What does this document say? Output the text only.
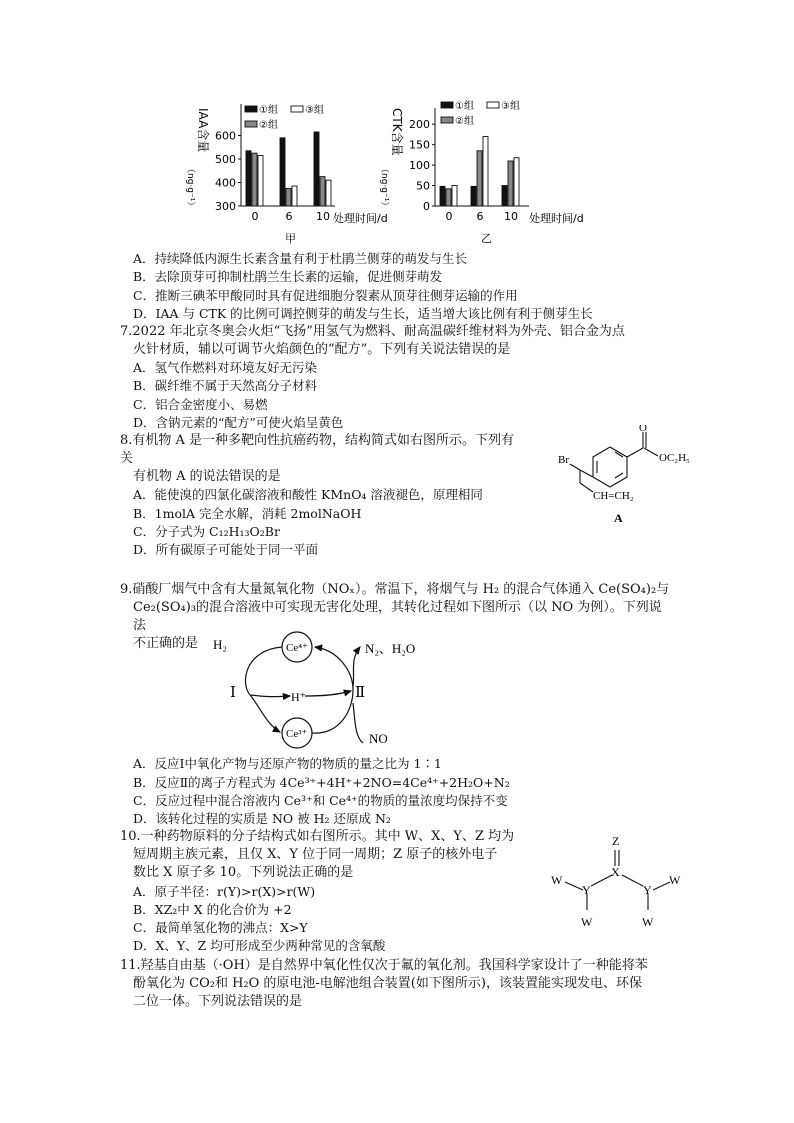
300
400
500
600
0 6 10
①组
②组
③组
IAA含量
（ng·g⁻¹）
处理时间/d
甲
0
50
100
150
200
0 6 10
①组
②组
③组
CTK含量
（ng·g⁻¹）
处理时间/d
乙
A．持续降低内源生长素含量有利于杜鹃兰侧芽的萌发与生长
B．去除顶芽可抑制杜鹃兰生长素的运输，促进侧芽萌发
C．推断三碘苯甲酸同时具有促进细胞分裂素从顶芽往侧芽运输的作用
D．IAA 与 CTK 的比例可调控侧芽的萌发与生长，适当增大该比例有利于侧芽生长
7.2022 年北京冬奥会火炬“飞扬”用氢气为燃料、耐高温碳纤维材料为外壳、铝合金为点
火针材质，辅以可调节火焰颜色的“配方”。下列有关说法错误的是
A．氢气作燃料对环境友好无污染
B．碳纤维不属于天然高分子材料
C．铝合金密度小、易燃
D．含钠元素的“配方”可使火焰呈黄色
8.有机物 A 是一种多靶向性抗癌药物，结构简式如右图所示。下列有
关
有机物 A 的说法错误的是
A．能使溴的四氯化碳溶液和酸性 KMnO₄ 溶液褪色，原理相同
B．1molA 完全水解，消耗 2molNaOH
C．分子式为 C₁₂H₁₃O₂Br
D．所有碳原子可能处于同一平面
O
OC₂H₅
Br
CH=CH₂
A
9.硝酸厂烟气中含有大量氮氧化物（NOₓ）。常温下，将烟气与 H₂ 的混合气体通入 Ce(SO₄)₂与
Ce₂(SO₄)₃的混合溶液中可实现无害化处理，其转化过程如下图所示（以 NO 为例）。下列说
法
不正确的是	Ce⁴⁺
Ce³⁺
H₂
H⁺
N₂、H₂O
NO
Ⅰ	Ⅱ
A．反应Ⅰ中氧化产物与还原产物的物质的量之比为 1∶1
B．反应Ⅱ的离子方程式为 4Ce³⁺+4H⁺+2NO=4Ce⁴⁺+2H₂O+N₂
C．反应过程中混合溶液内 Ce³⁺和 Ce⁴⁺的物质的量浓度均保持不变
D．该转化过程的实质是 NO 被 H₂ 还原成 N₂
10.一种药物原料的分子结构式如右图所示。其中 W、X、Y、Z 均为
短周期主族元素，且仅 X、Y 位于同一周期；Z 原子的核外电子
数比 X 原子多 10。下列说法正确的是
A．原子半径：r(Y)>r(X)>r(W)
B．XZ₂中 X 的化合价为 +2
C．最简单氢化物的沸点：X>Y
D．X、Y、Z 均可形成至少两种常见的含氧酸
Z
X
Y	Y
W
W
W
W
11.羟基自由基（·OH）是自然界中氧化性仅次于氟的氧化剂。我国科学家设计了一种能将苯
酚氧化为 CO₂和 H₂O 的原电池-电解池组合装置(如下图所示)，该装置能实现发电、环保
二位一体。下列说法错误的是
